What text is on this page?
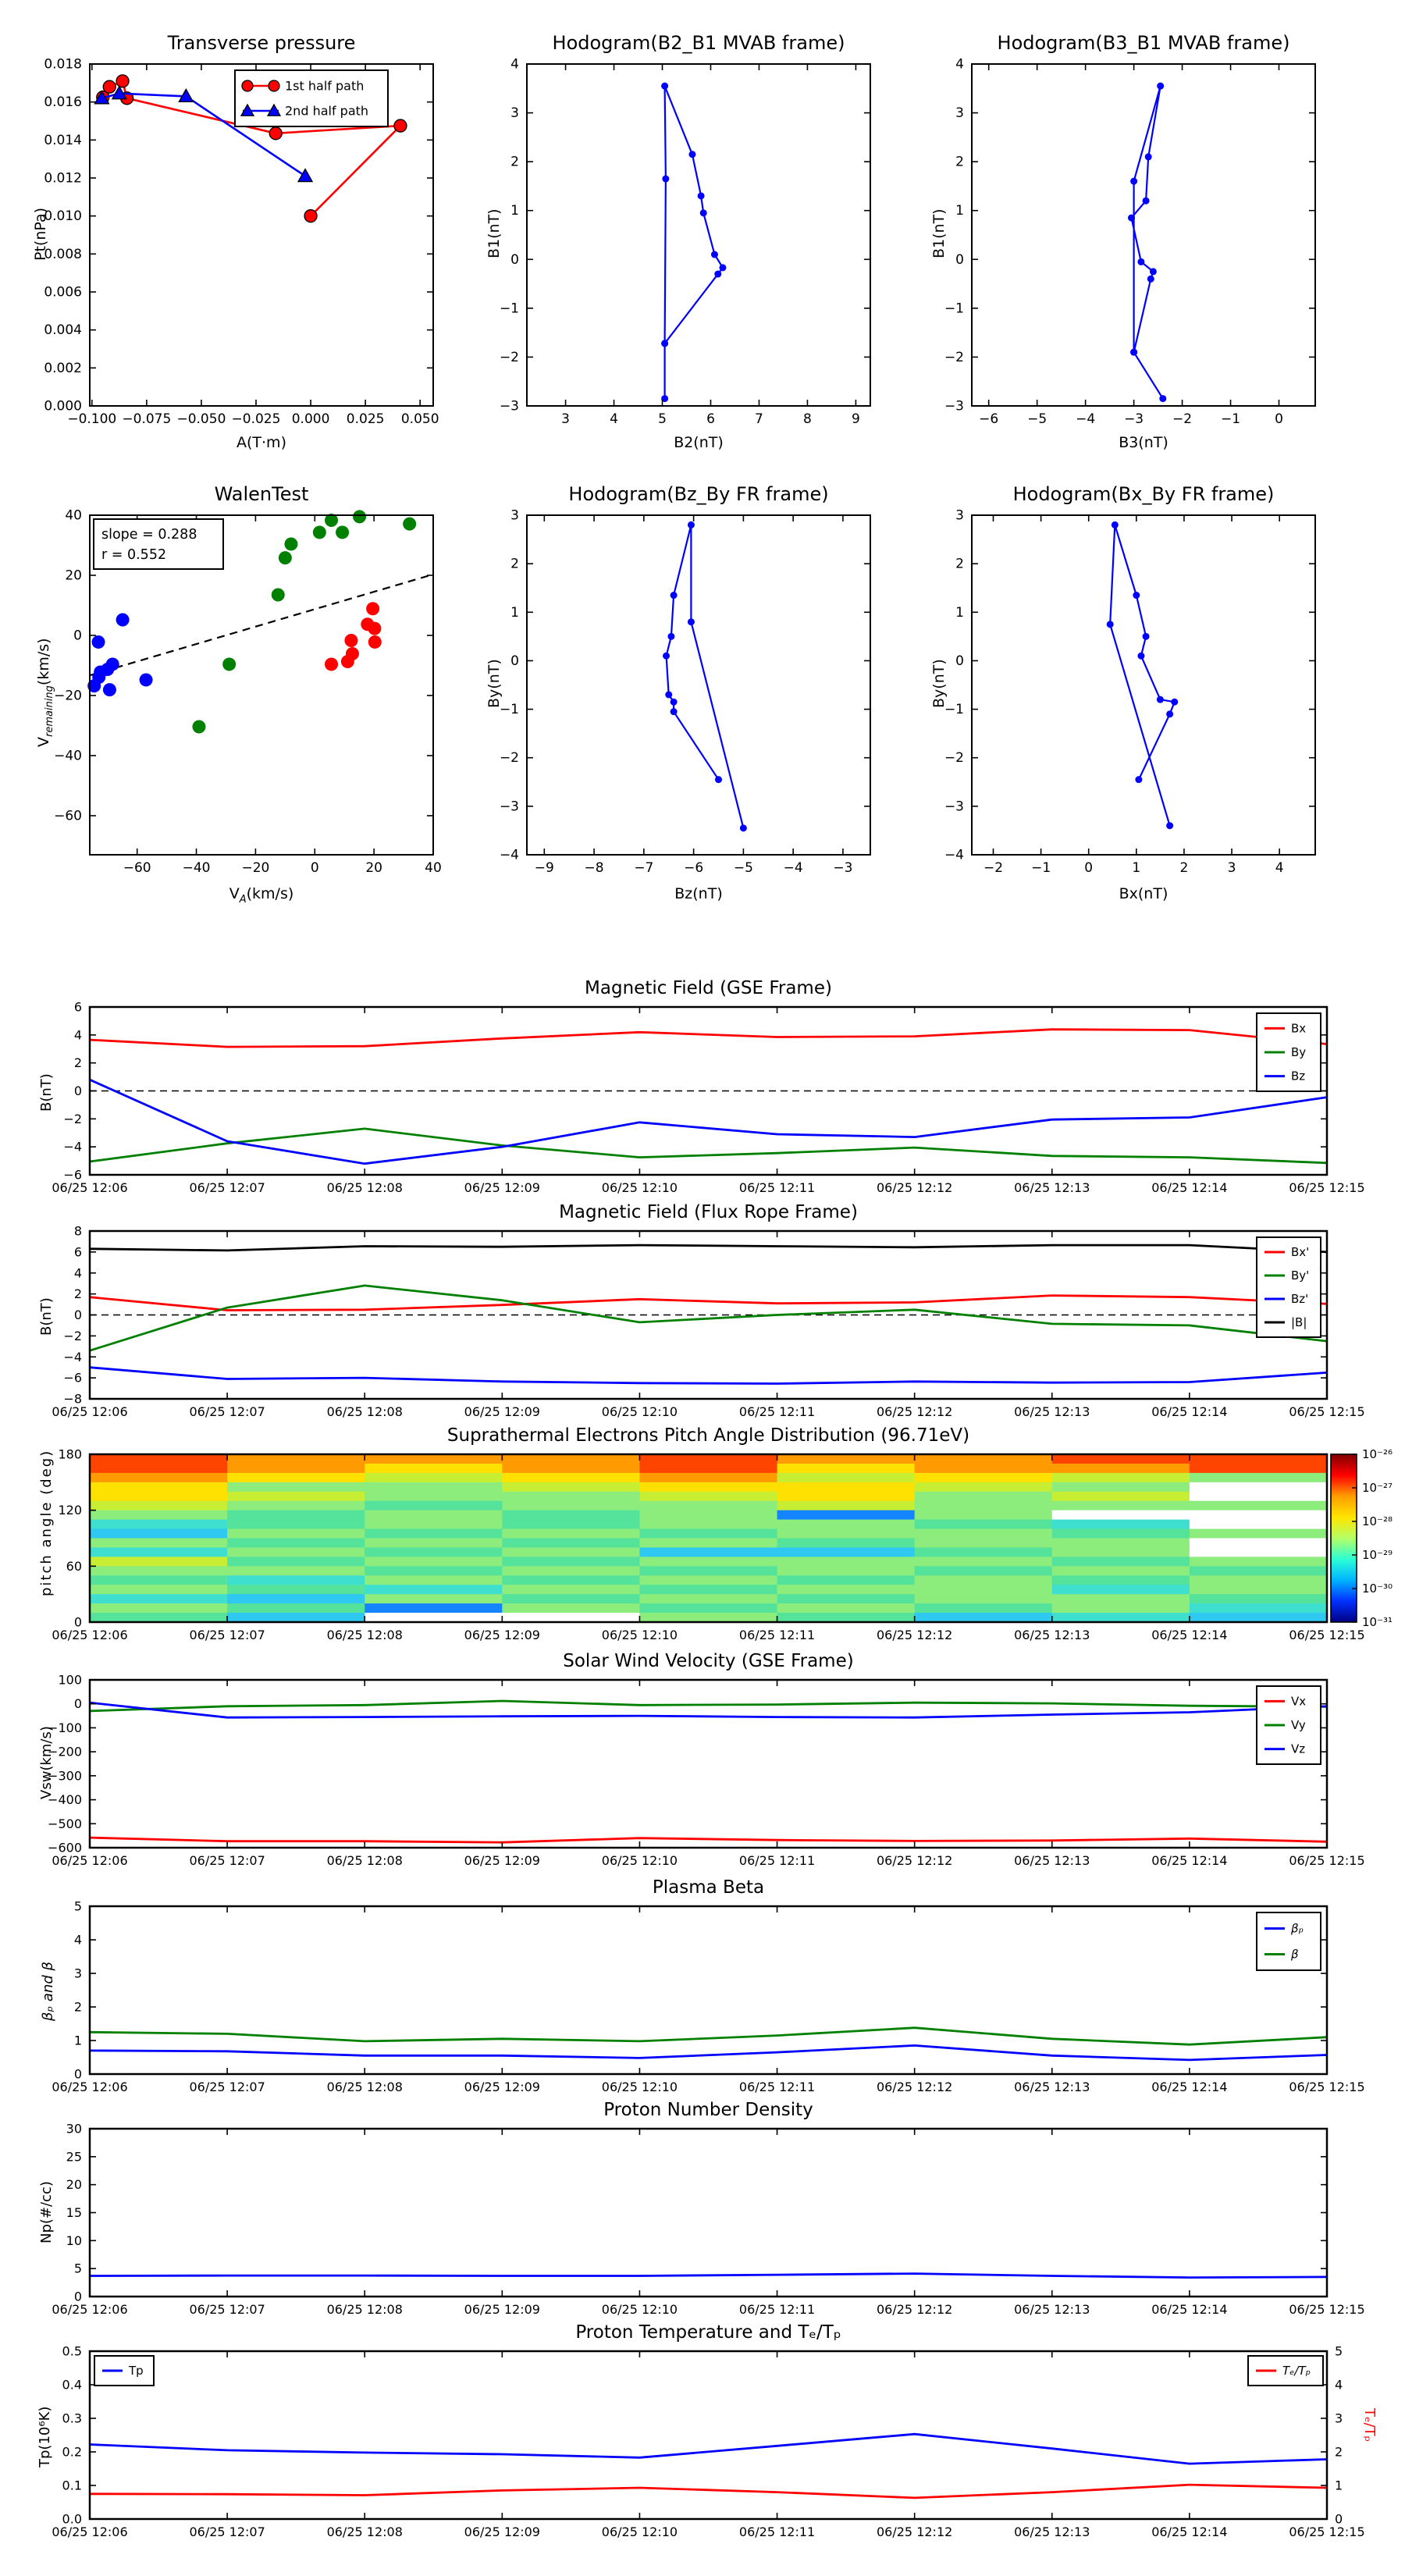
Transverse pressure
Pt(nPa)
A(T·m)
−0.100 −0.075 −0.050 −0.025 0.000 0.025 0.050
0.000
0.002
0.004
0.006
0.008
0.010
0.012
0.014
0.016
0.018
1st half path
2nd half path
Hodogram(B2_B1 MVAB frame)
B1(nT)
B2(nT)
3	4	5	6	7	8	9
−3
−2
−1
0
1
2
3
4
Hodogram(B3_B1 MVAB frame)
B1(nT)
B3(nT)
−6 −5 −4 −3 −2 −1	0
−3
−2
−1
0
1
2
3
4
WalenTest
$V_{remaining}(km/s)$
$V_A(km/s)$
−60 −40 −20	0	20	40
−60
−40
−20
0
20
40
slope = 0.288
r = 0.552
Hodogram(Bz_By FR frame)
By(nT)
Bz(nT)
−9 −8 −7 −6 −5 −4 −3
−4
−3
−2
−1
0
1
2
3
Hodogram(Bx_By FR frame)
By(nT)
Bx(nT)
−2 −1	0	1	2	3	4
−4
−3
−2
−1
0
1
2
3
Magnetic Field (GSE Frame)
B(nT)
06/25 12:06	06/25 12:07	06/25 12:08	06/25 12:09	06/25 12:10	06/25 12:11	06/25 12:12	06/25 12:13	06/25 12:14	06/25 12:15
−6
−4
−2
0
2
4
6
Bx
By
Bz
Magnetic Field (Flux Rope Frame)
B(nT)
06/25 12:06	06/25 12:07	06/25 12:08	06/25 12:09	06/25 12:10	06/25 12:11	06/25 12:12	06/25 12:13	06/25 12:14	06/25 12:15
−8
−6
−4
−2
0
2
4
6
8
Bx'
By'
Bz'
|B|
Suprathermal Electrons Pitch Angle Distribution (96.71eV)
pitch angle (deg)
06/25 12:06	06/25 12:07	06/25 12:08	06/25 12:09	06/25 12:10	06/25 12:11	06/25 12:12	06/25 12:13	06/25 12:14	06/25 12:15
0
60
120
180	10⁻²⁶
10⁻²⁷
10⁻²⁸
10⁻²⁹
10⁻³⁰
10⁻³¹
Solar Wind Velocity (GSE Frame)
Vsw(km/s)
06/25 12:06	06/25 12:07	06/25 12:08	06/25 12:09	06/25 12:10	06/25 12:11	06/25 12:12	06/25 12:13	06/25 12:14	06/25 12:15
−600
−500
−400
−300
−200
−100
0
100
Vx
Vy
Vz
Plasma Beta
βₚ and β
06/25 12:06	06/25 12:07	06/25 12:08	06/25 12:09	06/25 12:10	06/25 12:11	06/25 12:12	06/25 12:13	06/25 12:14	06/25 12:15
0
1
2
3
4
5
βₚ
β
Proton Number Density
Np(#/cc)
06/25 12:06	06/25 12:07	06/25 12:08	06/25 12:09	06/25 12:10	06/25 12:11	06/25 12:12	06/25 12:13	06/25 12:14	06/25 12:15
0
5
10
15
20
25
30
Proton Temperature and Tₑ/Tₚ
Tp(10⁶K)	Tₑ/Tₚ
06/25 12:06	06/25 12:07	06/25 12:08	06/25 12:09	06/25 12:10	06/25 12:11	06/25 12:12	06/25 12:13	06/25 12:14	06/25 12:15
0.0
0.1
0.2
0.3
0.4
0.5
0
1
2
3
4
5
Tp	Tₑ/Tₚ
